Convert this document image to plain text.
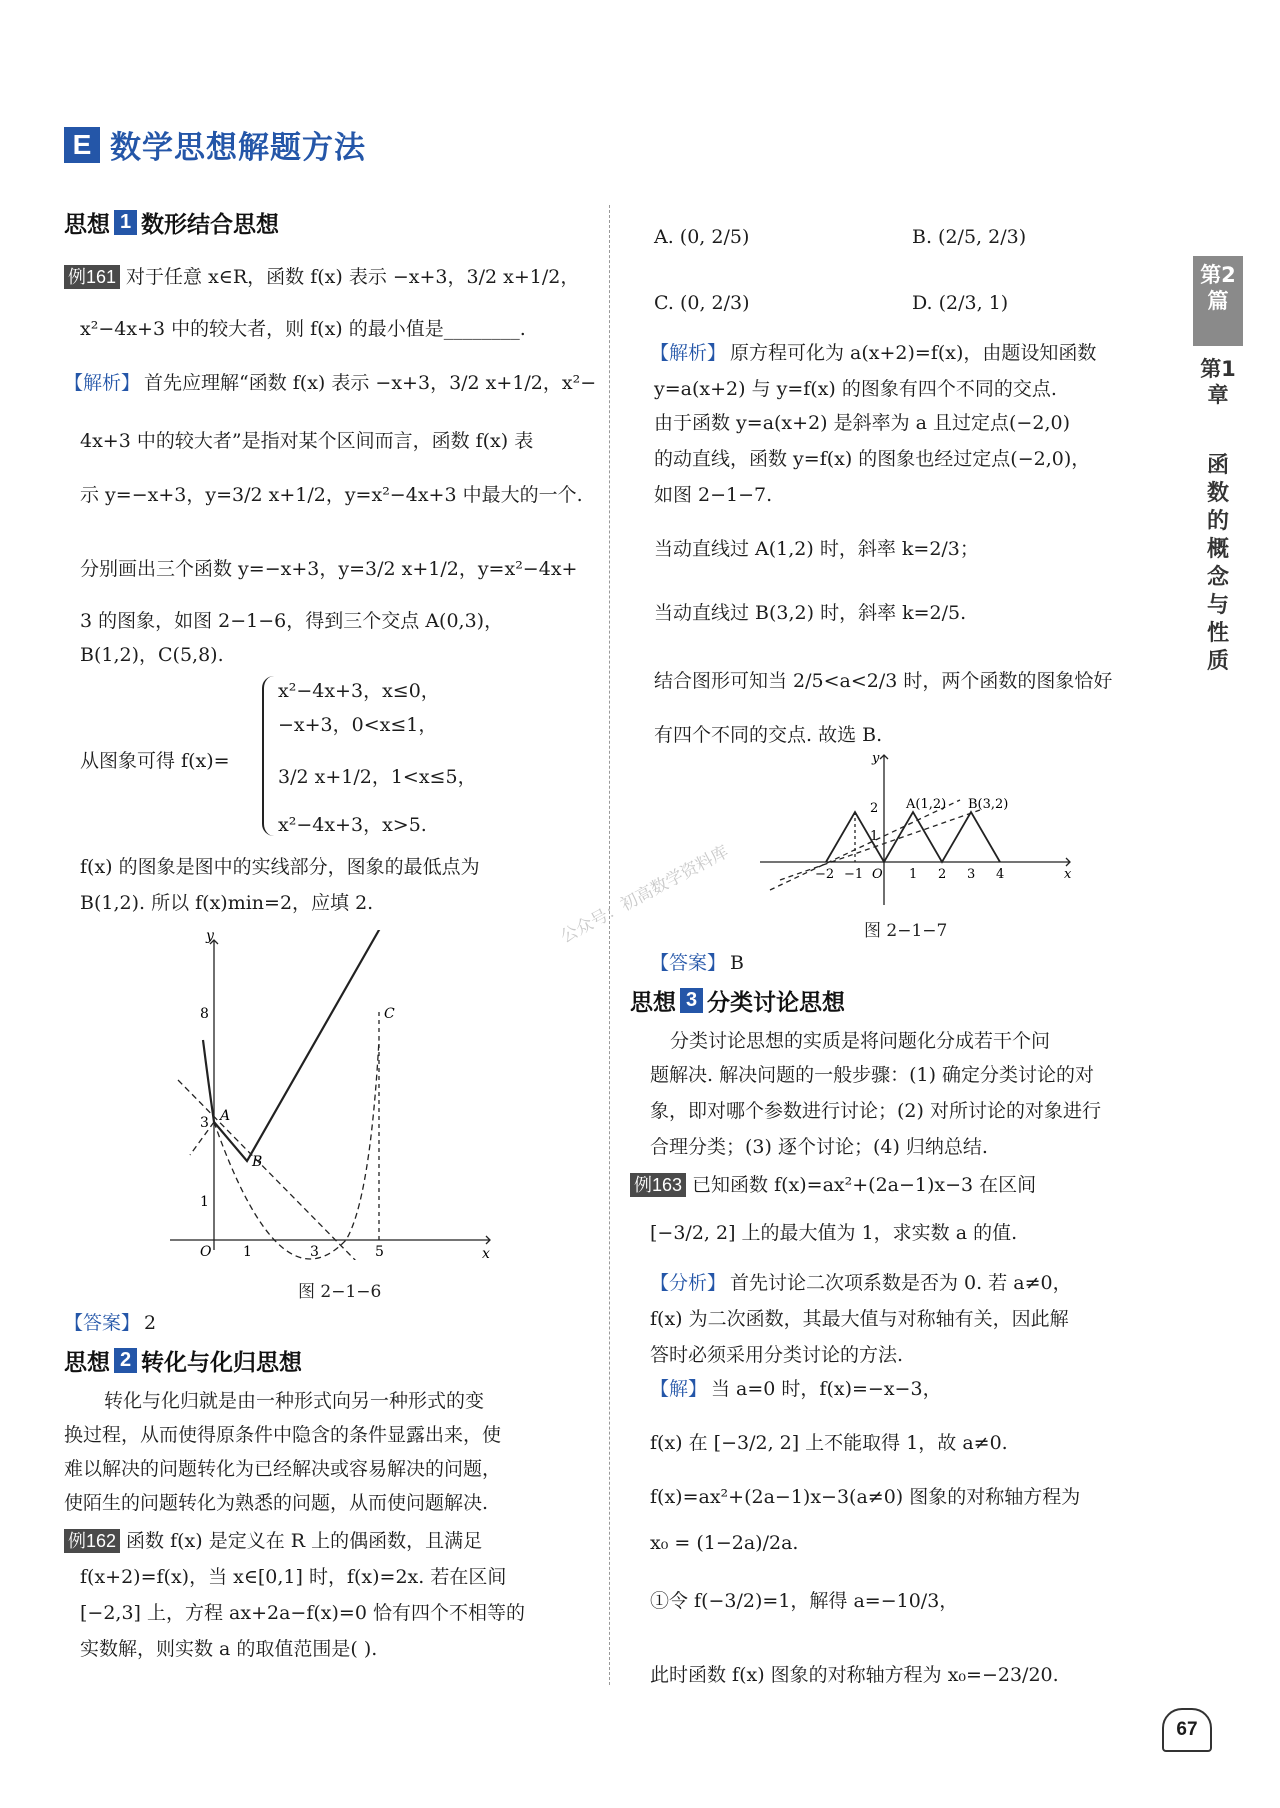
E 数学思想解题方法
思想 1 数形结合思想
例161 对于任意 x∈R，函数 f(x) 表示 −x+3，3/2 x+1/2，
x²−4x+3 中的较大者，则 f(x) 的最小值是________.
【解析】 首先应理解“函数 f(x) 表示 −x+3，3/2 x+1/2，x²−
4x+3 中的较大者”是指对某个区间而言，函数 f(x) 表
示 y=−x+3，y=3/2 x+1/2，y=x²−4x+3 中最大的一个.
分别画出三个函数 y=−x+3，y=3/2 x+1/2，y=x²−4x+
3 的图象，如图 2−1−6，得到三个交点 A(0,3)，
B(1,2)，C(5,8).
从图象可得 f(x)=
x²−4x+3，x≤0，
−x+3，0<x≤1，
3/2 x+1/2，1<x≤5，
x²−4x+3，x>5.
f(x) 的图象是图中的实线部分，图象的最低点为
B(1,2). 所以 f(x)min=2，应填 2.
y
x
O
8
3
1
1	3	5
A
B
C
图 2−1−6
【答案】 2
思想 2 转化与化归思想
转化与化归就是由一种形式向另一种形式的变
换过程，从而使得原条件中隐含的条件显露出来，使
难以解决的问题转化为已经解决或容易解决的问题，
使陌生的问题转化为熟悉的问题，从而使问题解决.
例162 函数 f(x) 是定义在 R 上的偶函数，且满足
f(x+2)=f(x)，当 x∈[0,1] 时，f(x)=2x. 若在区间
[−2,3] 上，方程 ax+2a−f(x)=0 恰有四个不相等的
实数解，则实数 a 的取值范围是( ).
A. (0, 2/5)	B. (2/5, 2/3)
C. (0, 2/3)	D. (2/3, 1)
【解析】 原方程可化为 a(x+2)=f(x)，由题设知函数
y=a(x+2) 与 y=f(x) 的图象有四个不同的交点.
由于函数 y=a(x+2) 是斜率为 a 且过定点(−2,0)
的动直线，函数 y=f(x) 的图象也经过定点(−2,0)，
如图 2−1−7.
当动直线过 A(1,2) 时，斜率 k=2/3；
当动直线过 B(3,2) 时，斜率 k=2/5.
结合图形可知当 2/5<a<2/3 时，两个函数的图象恰好
有四个不同的交点. 故选 B.
y
x
O
−2 −1	1 2 3 4
2
1
A(1,2) B(3,2)
图 2−1−7
【答案】 B
思想 3 分类讨论思想
分类讨论思想的实质是将问题化分成若干个问
题解决. 解决问题的一般步骤：(1) 确定分类讨论的对
象，即对哪个参数进行讨论；(2) 对所讨论的对象进行
合理分类；(3) 逐个讨论；(4) 归纳总结.
例163 已知函数 f(x)=ax²+(2a−1)x−3 在区间
[−3/2, 2] 上的最大值为 1，求实数 a 的值.
【分析】 首先讨论二次项系数是否为 0. 若 a≠0，
f(x) 为二次函数，其最大值与对称轴有关，因此解
答时必须采用分类讨论的方法.
【解】 当 a=0 时，f(x)=−x−3，
f(x) 在 [−3/2, 2] 上不能取得 1，故 a≠0.
f(x)=ax²+(2a−1)x−3(a≠0) 图象的对称轴方程为
x₀ = (1−2a)/2a.
①令 f(−3/2)=1，解得 a=−10/3，
此时函数 f(x) 图象的对称轴方程为 x₀=−23/20.
第2篇
第1章
函数的概念与性质
公众号：初高数学资料库
67
